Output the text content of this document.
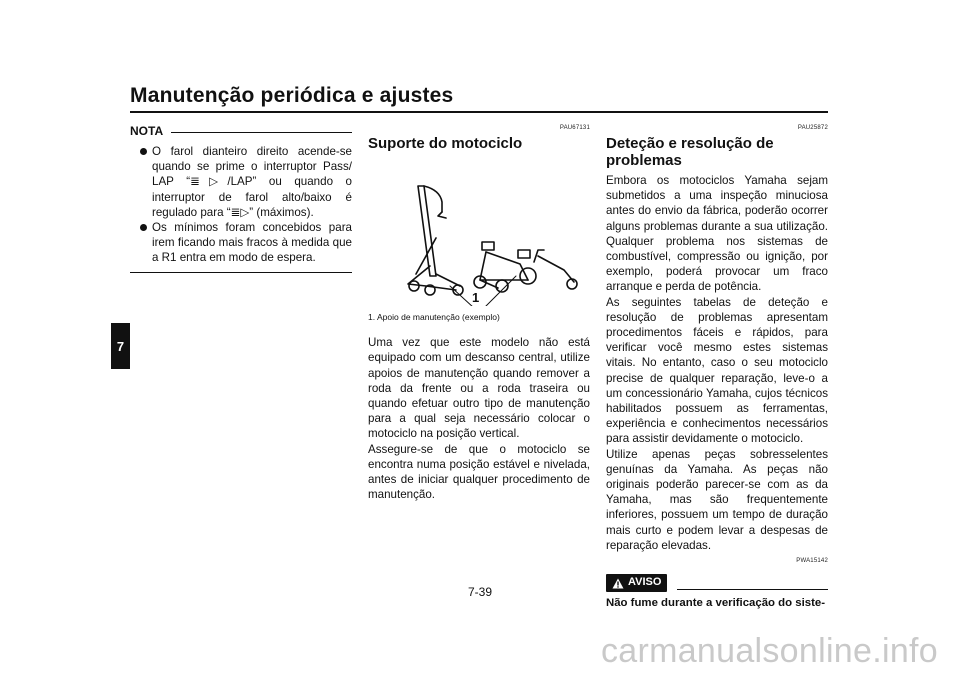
Manutenção periódica e ajustes
7
NOTA
O farol dianteiro direito acende-se quando se prime o interruptor Pass/ LAP “≣▷/LAP” ou quando o interruptor de farol alto/baixo é regulado para “≣▷” (máximos).
Os mínimos foram concebidos para irem ficando mais fracos à medida que a R1 entra em modo de espera.
PAU67131
Suporte do motociclo
1
1. Apoio de manutenção (exemplo)

Uma vez que este modelo não está equipado com um descanso central, utilize apoios de manutenção quando remover a roda da frente ou a roda traseira ou quando efetuar outro tipo de manutenção para a qual seja necessário colocar o motociclo na posição vertical.

Assegure-se de que o motociclo se encontra numa posição estável e nivelada, antes de iniciar qualquer procedimento de manutenção.

PAU25872
Deteção e resolução de problemas

Embora os motociclos Yamaha sejam submetidos a uma inspeção minuciosa antes do envio da fábrica, poderão ocorrer alguns problemas durante a sua utilização. Qualquer problema nos sistemas de combustível, compressão ou ignição, por exemplo, poderá provocar um fraco arranque e perda de potência.

As seguintes tabelas de deteção e resolução de problemas apresentam procedimentos fáceis e rápidos, para verificar você mesmo estes sistemas vitais. No entanto, caso o seu motociclo precise de qualquer reparação, leve-o a um concessionário Yamaha, cujos técnicos habilitados possuem as ferramentas, experiência e conhecimentos necessários para assistir devidamente o motociclo.

Utilize apenas peças sobresselentes genuínas da Yamaha. As peças não originais poderão parecer-se com as da Yamaha, mas são frequentemente inferiores, possuem um tempo de duração mais curto e podem levar a despesas de reparação elevadas.

PWA15142
AVISO
Não fume durante a verificação do siste-
7-39
carmanualsonline.info
